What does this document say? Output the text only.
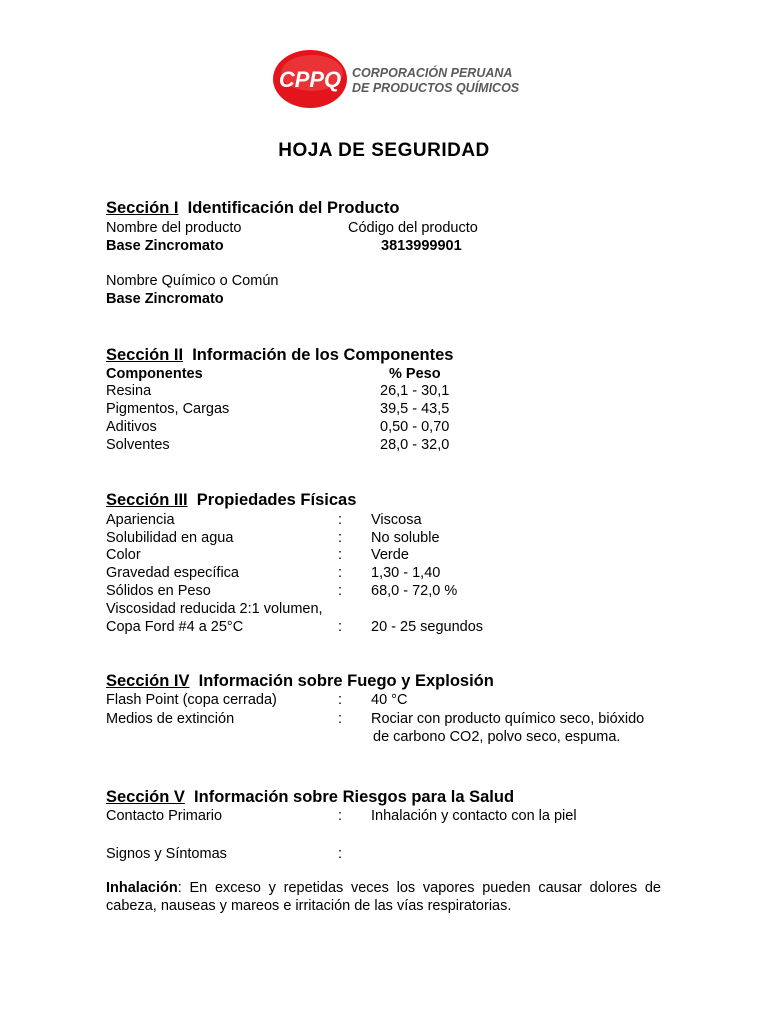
CPPQ CORPORACIÓN PERUANA
DE PRODUCTOS QUÍMICOS
HOJA DE SEGURIDAD
Sección I Identificación del Producto
Nombre del producto	Código del producto
Base Zincromato	3813999901
Nombre Químico o Común
Base Zincromato
Sección II Información de los Componentes
Componentes	% Peso
Resina	26,1 - 30,1
Pigmentos, Cargas	39,5 - 43,5
Aditivos	0,50 - 0,70
Solventes	28,0 - 32,0
Sección III Propiedades Físicas
Apariencia	: Viscosa
Solubilidad en agua	: No soluble
Color	: Verde
Gravedad específica	: 1,30 - 1,40
Sólidos en Peso	: 68,0 - 72,0 %
Viscosidad reducida 2:1 volumen,
Copa Ford #4 a 25°C	: 20 - 25 segundos
Sección IV Información sobre Fuego y Explosión
Flash Point (copa cerrada)	: 40 °C
Medios de extinción	: Rociar con producto químico seco, bióxido
de carbono CO2, polvo seco, espuma.
Sección V Información sobre Riesgos para la Salud
Contacto Primario	: Inhalación y contacto con la piel
Signos y Síntomas	:
Inhalación: En exceso y repetidas veces los vapores pueden causar dolores de cabeza, nauseas y mareos e irritación de las vías respiratorias.
